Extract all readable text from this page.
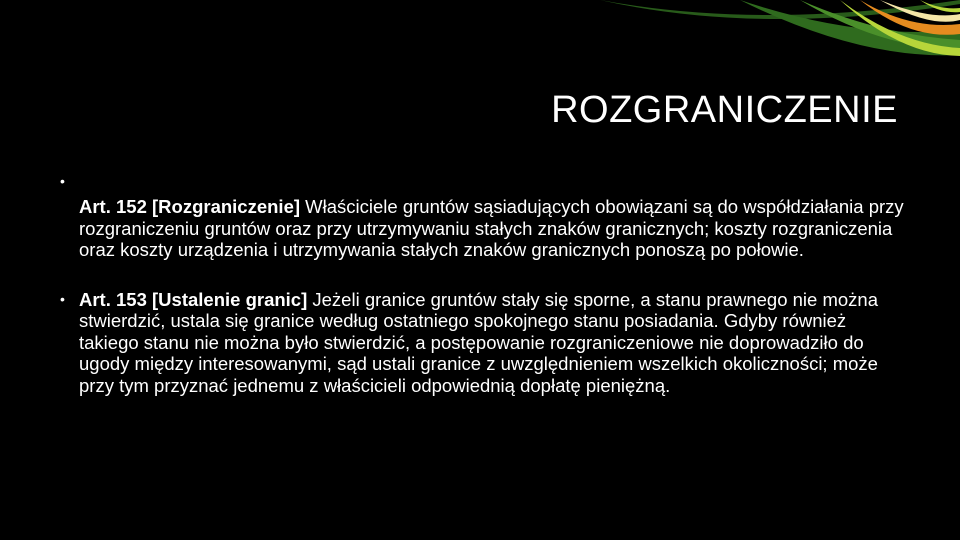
ROZGRANICZENIE
•
Art. 152 [Rozgraniczenie] Właściciele gruntów sąsiadujących obowiązani są do współdziałania przy rozgraniczeniu gruntów oraz przy utrzymywaniu stałych znaków granicznych; koszty rozgraniczenia oraz koszty urządzenia i utrzymywania stałych znaków granicznych ponoszą po połowie.
• Art. 153 [Ustalenie granic] Jeżeli granice gruntów stały się sporne, a stanu prawnego nie można stwierdzić, ustala się granice według ostatniego spokojnego stanu posiadania. Gdyby również takiego stanu nie można było stwierdzić, a postępowanie rozgraniczeniowe nie doprowadziło do ugody między interesowanymi, sąd ustali granice z uwzględnieniem wszelkich okoliczności; może przy tym przyznać jednemu z właścicieli odpowiednią dopłatę pieniężną.
